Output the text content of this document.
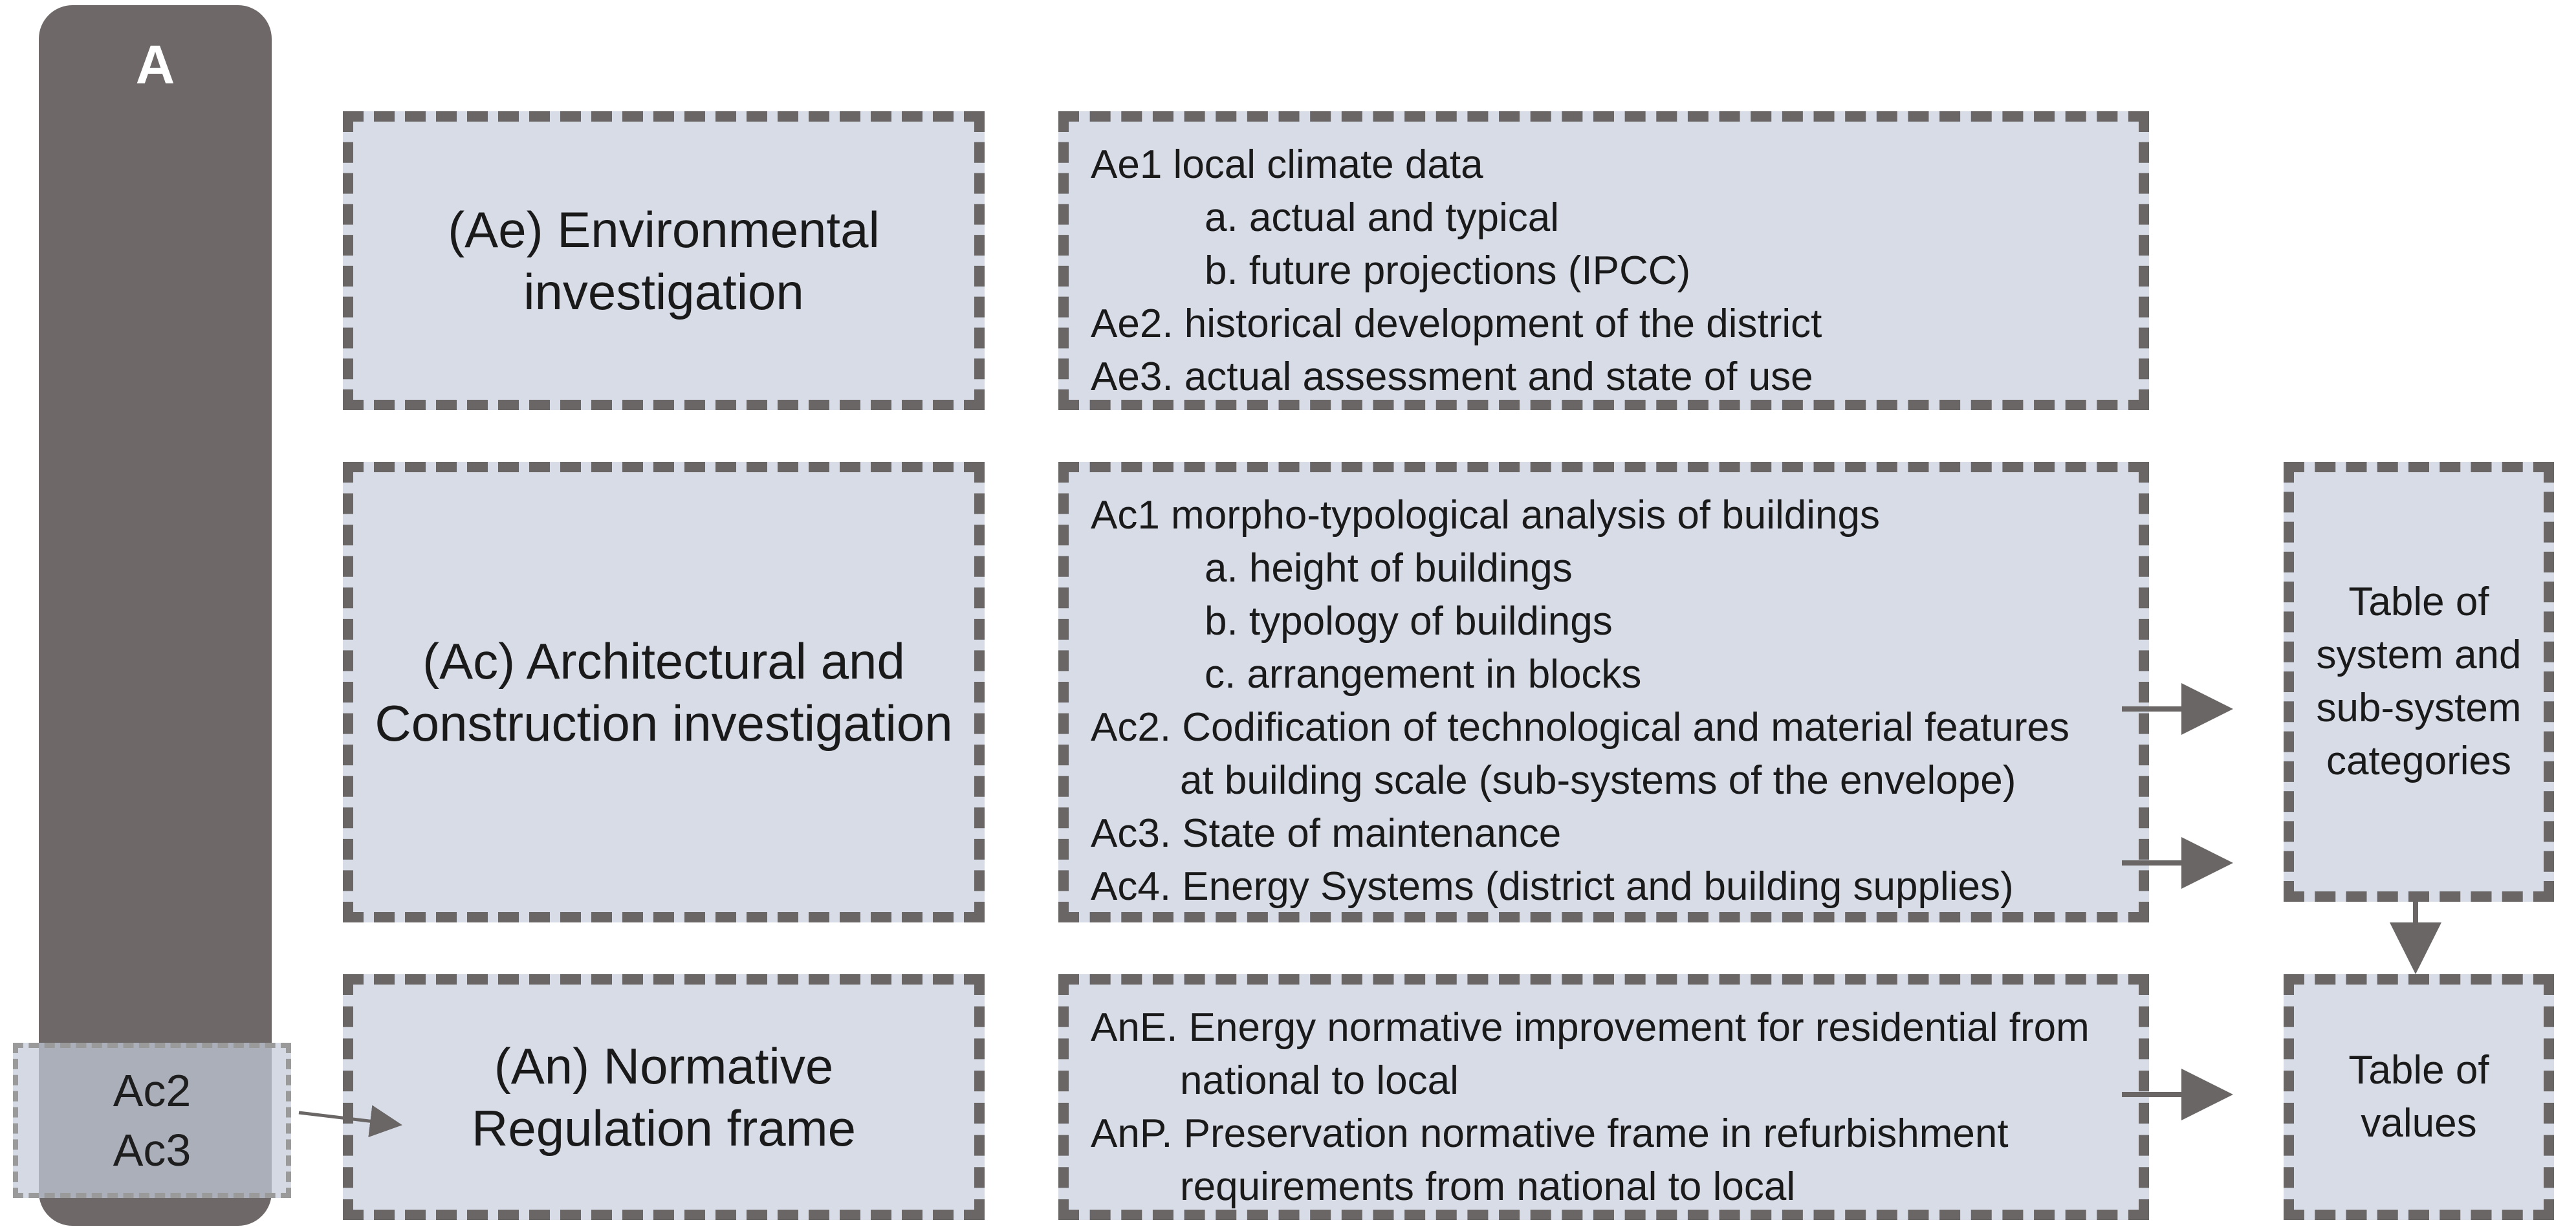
A
Ac2
Ac3
(Ae) Environmental
investigation
Ae1 local climate data
a. actual and typical
b. future projections (IPCC)
Ae2. historical development of the district
Ae3. actual assessment and state of use
(Ac) Architectural and
Construction investigation
Ac1 morpho-typological analysis of buildings
a. height of buildings
b. typology of buildings
c. arrangement in blocks
Ac2. Codification of technological and material features
at building scale (sub-systems of the envelope)
Ac3. State of maintenance
Ac4. Energy Systems (district and building supplies)
(An) Normative
Regulation frame
AnE. Energy normative improvement for residential from
national to local
AnP. Preservation normative frame in refurbishment
requirements from national to local
Table of
system and
sub-system
categories
Table of
values
